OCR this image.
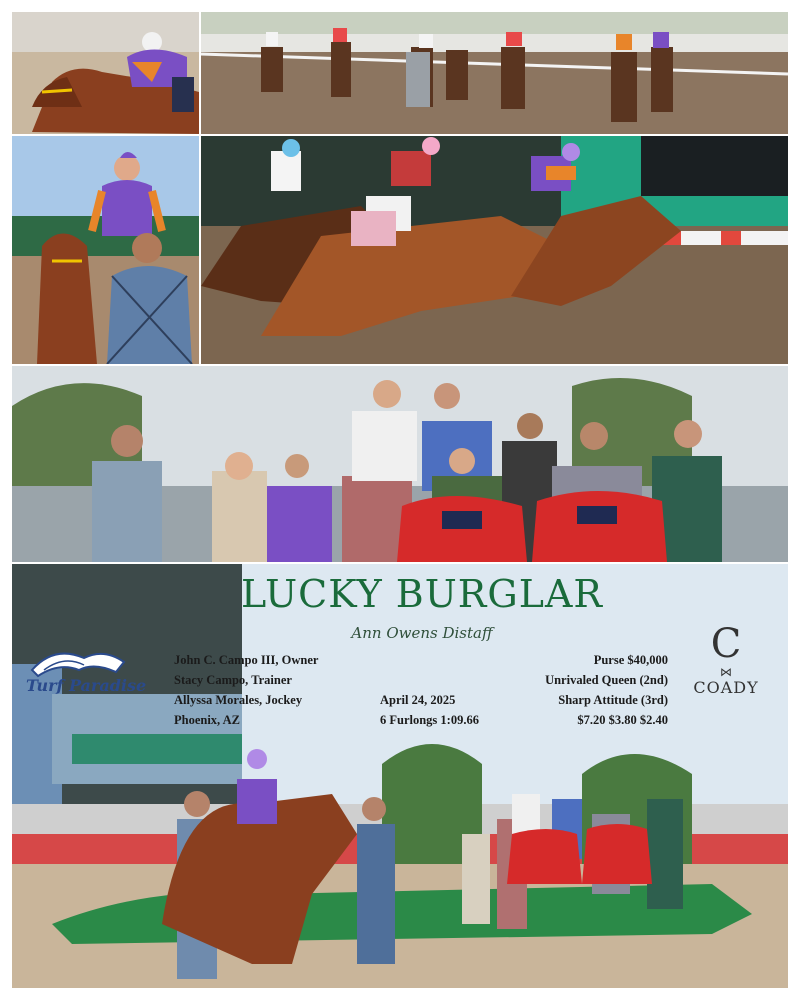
LUCKY BURGLAR
Ann Owens Distaff
Turf Paradise
John C. Campo III, Owner
Stacy Campo, Trainer
Allyssa Morales, Jockey
Phoenix, AZ
April 24, 2025
6 Furlongs 1:09.66
Purse $40,000
Unrivaled Queen (2nd)
Sharp Attitude (3rd)
$7.20 $3.80 $2.40
C
⋈
COADY
